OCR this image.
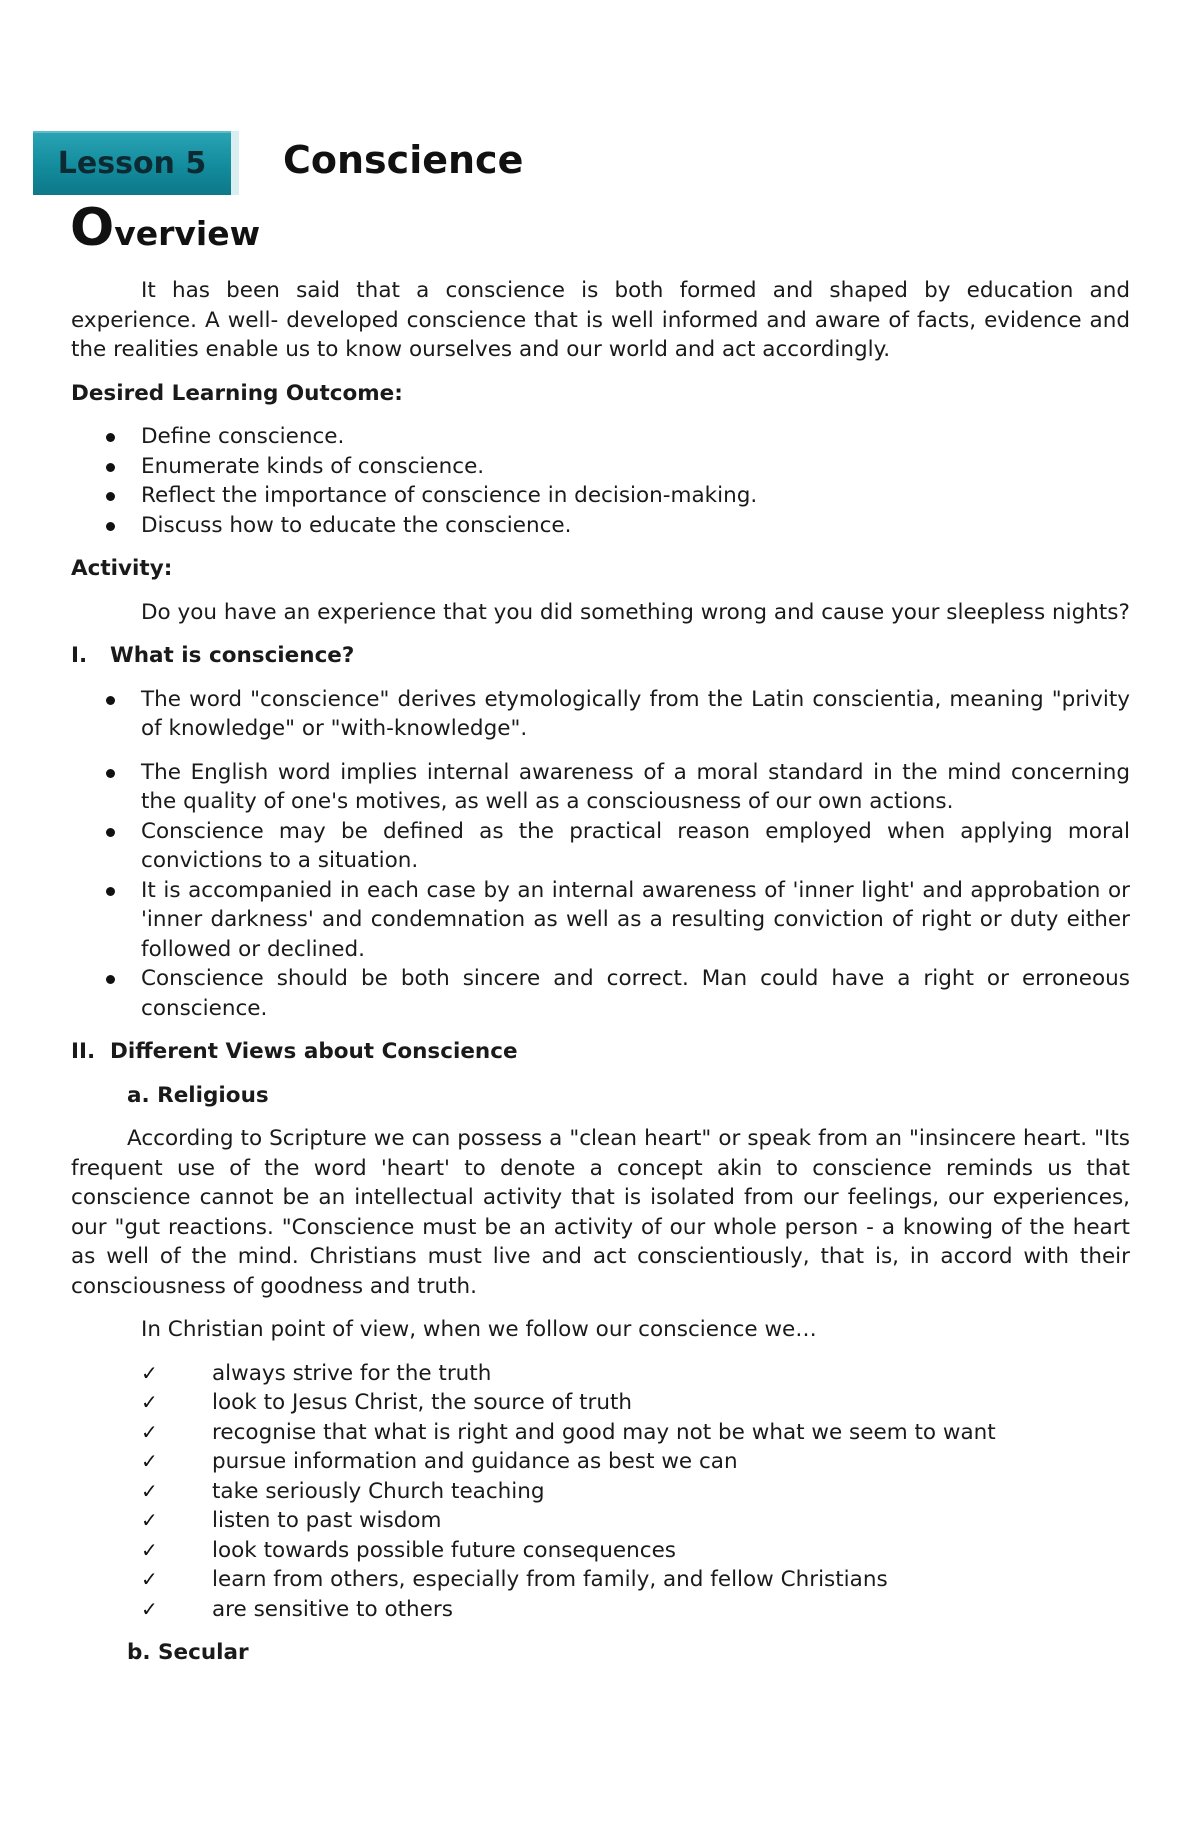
Lesson 5 Conscience
Overview

It has been said that a conscience is both formed and shaped by education and experience. A well- developed conscience that is well informed and aware of facts, evidence and the realities enable us to know ourselves and our world and act accordingly.

Desired Learning Outcome:

Define conscience.
Enumerate kinds of conscience.
Reflect the importance of conscience in decision-making.
Discuss how to educate the conscience.

Activity:

Do you have an experience that you did something wrong and cause your sleepless nights?

I.	What is conscience?
The word "conscience" derives etymologically from the Latin conscientia, meaning "privity of knowledge" or "with-knowledge".
The English word implies internal awareness of a moral standard in the mind concerning the quality of one's motives, as well as a consciousness of our own actions.
Conscience may be defined as the practical reason employed when applying moral convictions to a situation.
It is accompanied in each case by an internal awareness of 'inner light' and approbation or 'inner darkness' and condemnation as well as a resulting conviction of right or duty either followed or declined.
Conscience should be both sincere and correct. Man could have a right or erroneous conscience.
II. Different Views about Conscience

a. Religious

According to Scripture we can possess a "clean heart" or speak from an "insincere heart. "Its frequent use of the word 'heart' to denote a concept akin to conscience reminds us that conscience cannot be an intellectual activity that is isolated from our feelings, our experiences, our "gut reactions. "Conscience must be an activity of our whole person - a knowing of the heart as well of the mind. Christians must live and act conscientiously, that is, in accord with their consciousness of goodness and truth.

In Christian point of view, when we follow our conscience we…

✓	always strive for the truth
✓	look to Jesus Christ, the source of truth
✓	recognise that what is right and good may not be what we seem to want
✓	pursue information and guidance as best we can
✓	take seriously Church teaching
✓	listen to past wisdom
✓	look towards possible future consequences
✓	learn from others, especially from family, and fellow Christians
✓	are sensitive to others

b. Secular
